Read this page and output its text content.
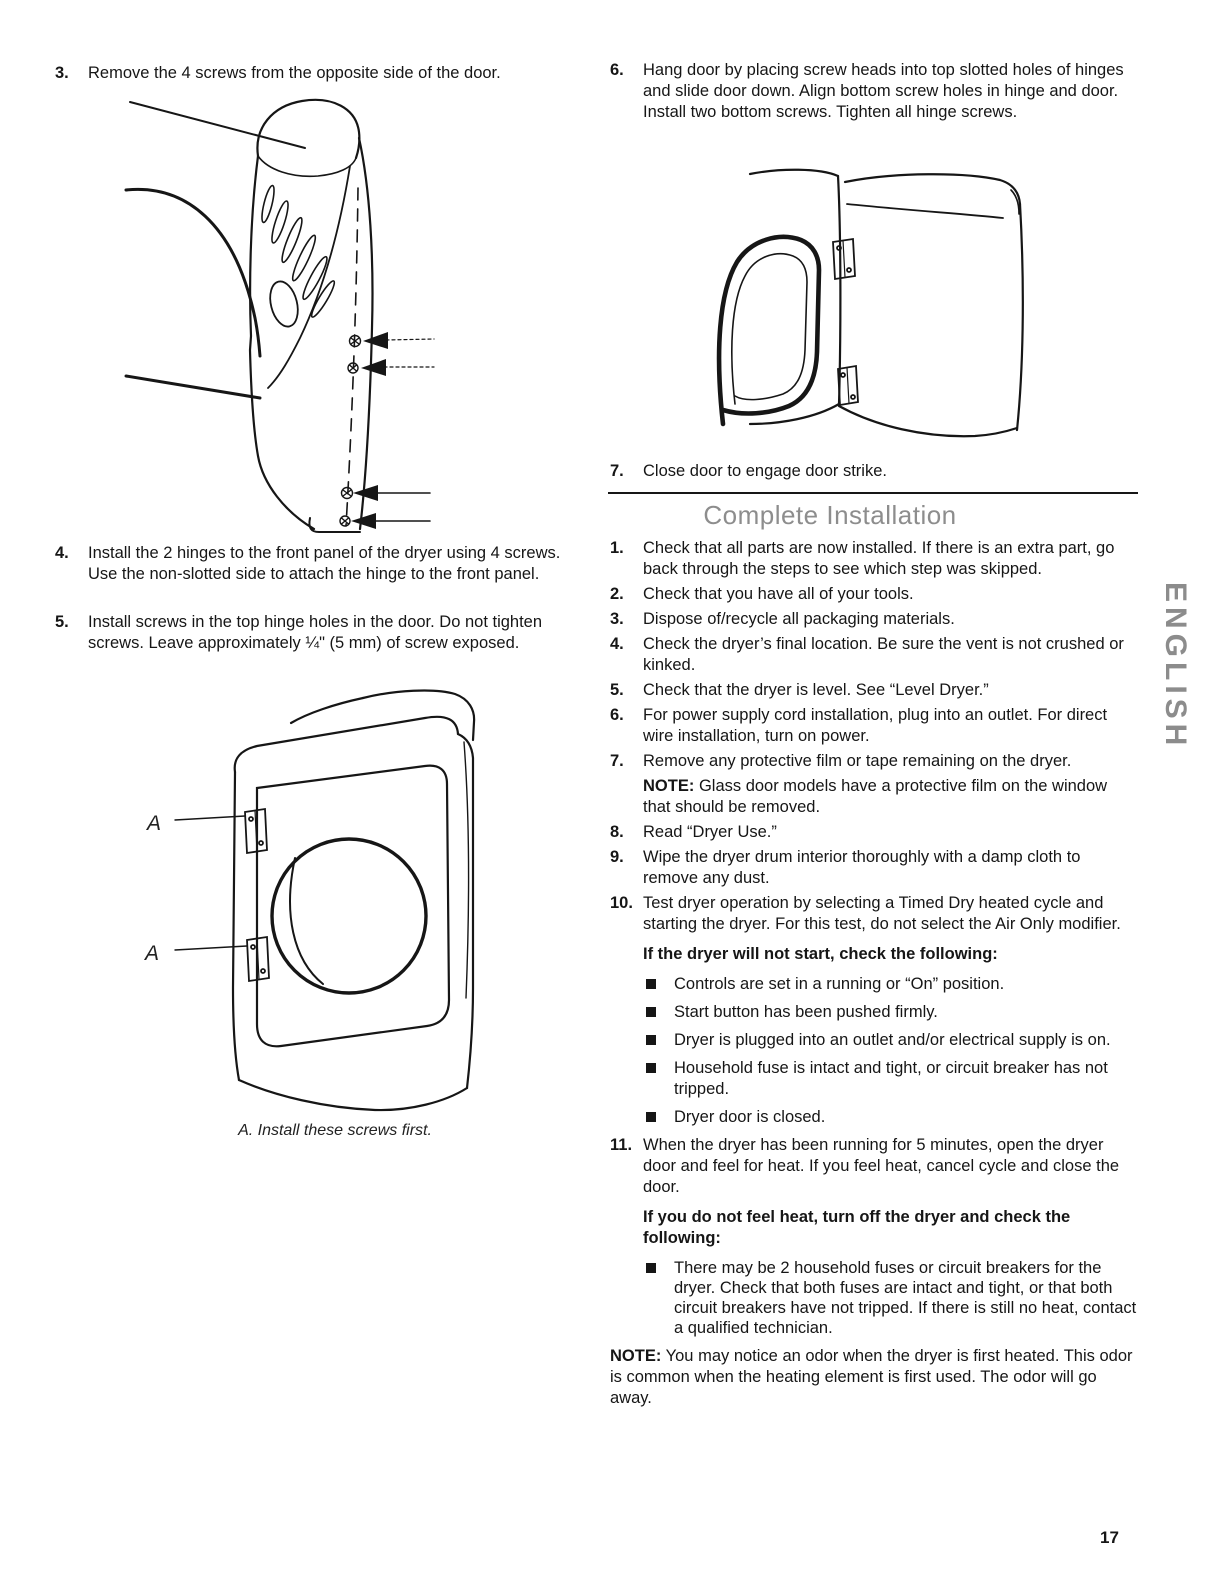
3. Remove the 4 screws from the opposite side of the door.
4. Install the 2 hinges to the front panel of the dryer using 4 screws. Use the non-slotted side to attach the hinge to the front panel.
5. Install screws in the top hinge holes in the door. Do not tighten screws. Leave approximately ¼" (5 mm) of screw exposed.
A
A
A. Install these screws first.
6. Hang door by placing screw heads into top slotted holes of hinges and slide door down. Align bottom screw holes in hinge and door. Install two bottom screws. Tighten all hinge screws.
7. Close door to engage door strike.
Complete Installation
1. Check that all parts are now installed. If there is an extra part, go back through the steps to see which step was skipped.
2. Check that you have all of your tools.
3. Dispose of/recycle all packaging materials.
4. Check the dryer’s final location. Be sure the vent is not crushed or kinked.
5. Check that the dryer is level. See “Level Dryer.”
6. For power supply cord installation, plug into an outlet. For direct wire installation, turn on power.
7. Remove any protective film or tape remaining on the dryer.
NOTE: Glass door models have a protective film on the window that should be removed.
8. Read “Dryer Use.”
9. Wipe the dryer drum interior thoroughly with a damp cloth to remove any dust.
10. Test dryer operation by selecting a Timed Dry heated cycle and starting the dryer. For this test, do not select the Air Only modifier.
If the dryer will not start, check the following:
Controls are set in a running or “On” position.
Start button has been pushed firmly.
Dryer is plugged into an outlet and/or electrical supply is on.
Household fuse is intact and tight, or circuit breaker has not tripped.
Dryer door is closed.
11. When the dryer has been running for 5 minutes, open the dryer door and feel for heat. If you feel heat, cancel cycle and close the door.
If you do not feel heat, turn off the dryer and check the following:
There may be 2 household fuses or circuit breakers for the dryer. Check that both fuses are intact and tight, or that both circuit breakers have not tripped. If there is still no heat, contact a qualified technician.
NOTE: You may notice an odor when the dryer is first heated. This odor is common when the heating element is first used. The odor will go away.
ENGLISH
17
